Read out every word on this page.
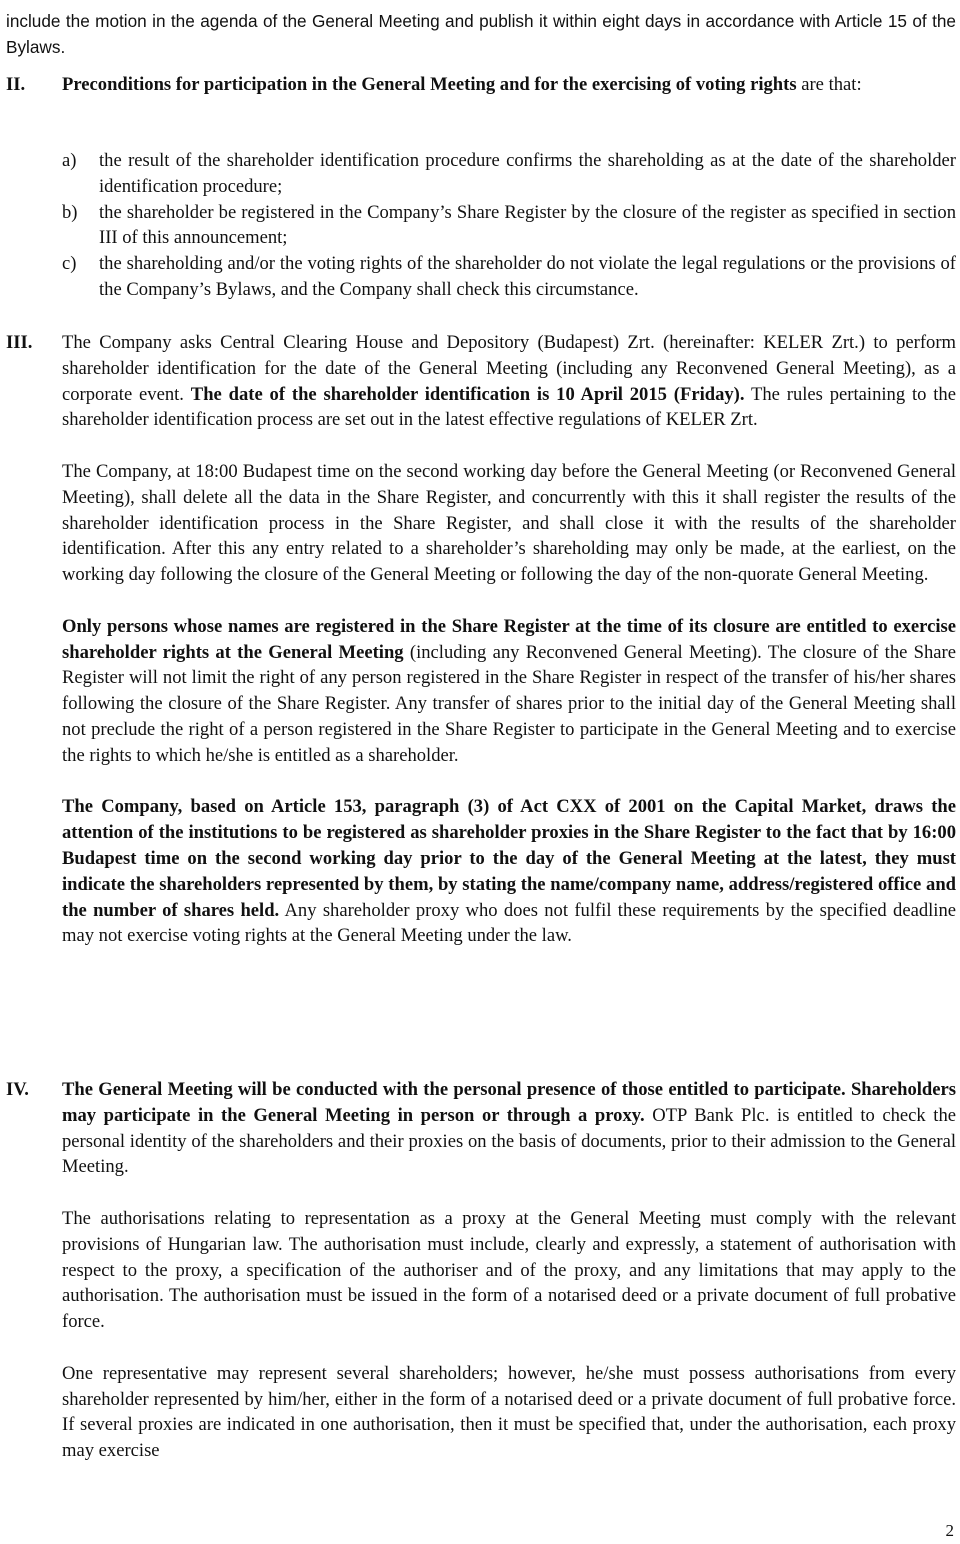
include the motion in the agenda of the General Meeting and publish it within eight days in accordance with Article 15 of the Bylaws.

II. Preconditions for participation in the General Meeting and for the exercising of voting rights are that:

a)	the result of the shareholder identification procedure confirms the shareholding as at the date of the shareholder identification procedure;
b)	the shareholder be registered in the Company’s Share Register by the closure of the register as specified in section III of this announcement;
c)	the shareholding and/or the voting rights of the shareholder do not violate the legal regulations or the provisions of the Company’s Bylaws, and the Company shall check this circumstance.
III. The Company asks Central Clearing House and Depository (Budapest) Zrt. (hereinafter: KELER Zrt.) to perform shareholder identification for the date of the General Meeting (including any Reconvened General Meeting), as a corporate event. The date of the shareholder identification is 10 April 2015 (Friday). The rules pertaining to the shareholder identification process are set out in the latest effective regulations of KELER Zrt.

The Company, at 18:00 Budapest time on the second working day before the General Meeting (or Reconvened General Meeting), shall delete all the data in the Share Register, and concurrently with this it shall register the results of the shareholder identification process in the Share Register, and shall close it with the results of the shareholder identification. After this any entry related to a shareholder’s shareholding may only be made, at the earliest, on the working day following the closure of the General Meeting or following the day of the non-quorate General Meeting.

Only persons whose names are registered in the Share Register at the time of its closure are entitled to exercise shareholder rights at the General Meeting (including any Reconvened General Meeting). The closure of the Share Register will not limit the right of any person registered in the Share Register in respect of the transfer of his/her shares following the closure of the Share Register. Any transfer of shares prior to the initial day of the General Meeting shall not preclude the right of a person registered in the Share Register to participate in the General Meeting and to exercise the rights to which he/she is entitled as a shareholder.

The Company, based on Article 153, paragraph (3) of Act CXX of 2001 on the Capital Market, draws the attention of the institutions to be registered as shareholder proxies in the Share Register to the fact that by 16:00 Budapest time on the second working day prior to the day of the General Meeting at the latest, they must indicate the shareholders represented by them, by stating the name/company name, address/registered office and the number of shares held. Any shareholder proxy who does not fulfil these requirements by the specified deadline may not exercise voting rights at the General Meeting under the law.

IV. The General Meeting will be conducted with the personal presence of those entitled to participate. Shareholders may participate in the General Meeting in person or through a proxy. OTP Bank Plc. is entitled to check the personal identity of the shareholders and their proxies on the basis of documents, prior to their admission to the General Meeting.

The authorisations relating to representation as a proxy at the General Meeting must comply with the relevant provisions of Hungarian law. The authorisation must include, clearly and expressly, a statement of authorisation with respect to the proxy, a specification of the authoriser and of the proxy, and any limitations that may apply to the authorisation. The authorisation must be issued in the form of a notarised deed or a private document of full probative force.

One representative may represent several shareholders; however, he/she must possess authorisations from every shareholder represented by him/her, either in the form of a notarised deed or a private document of full probative force. If several proxies are indicated in one authorisation, then it must be specified that, under the authorisation, each proxy may exercise

2
